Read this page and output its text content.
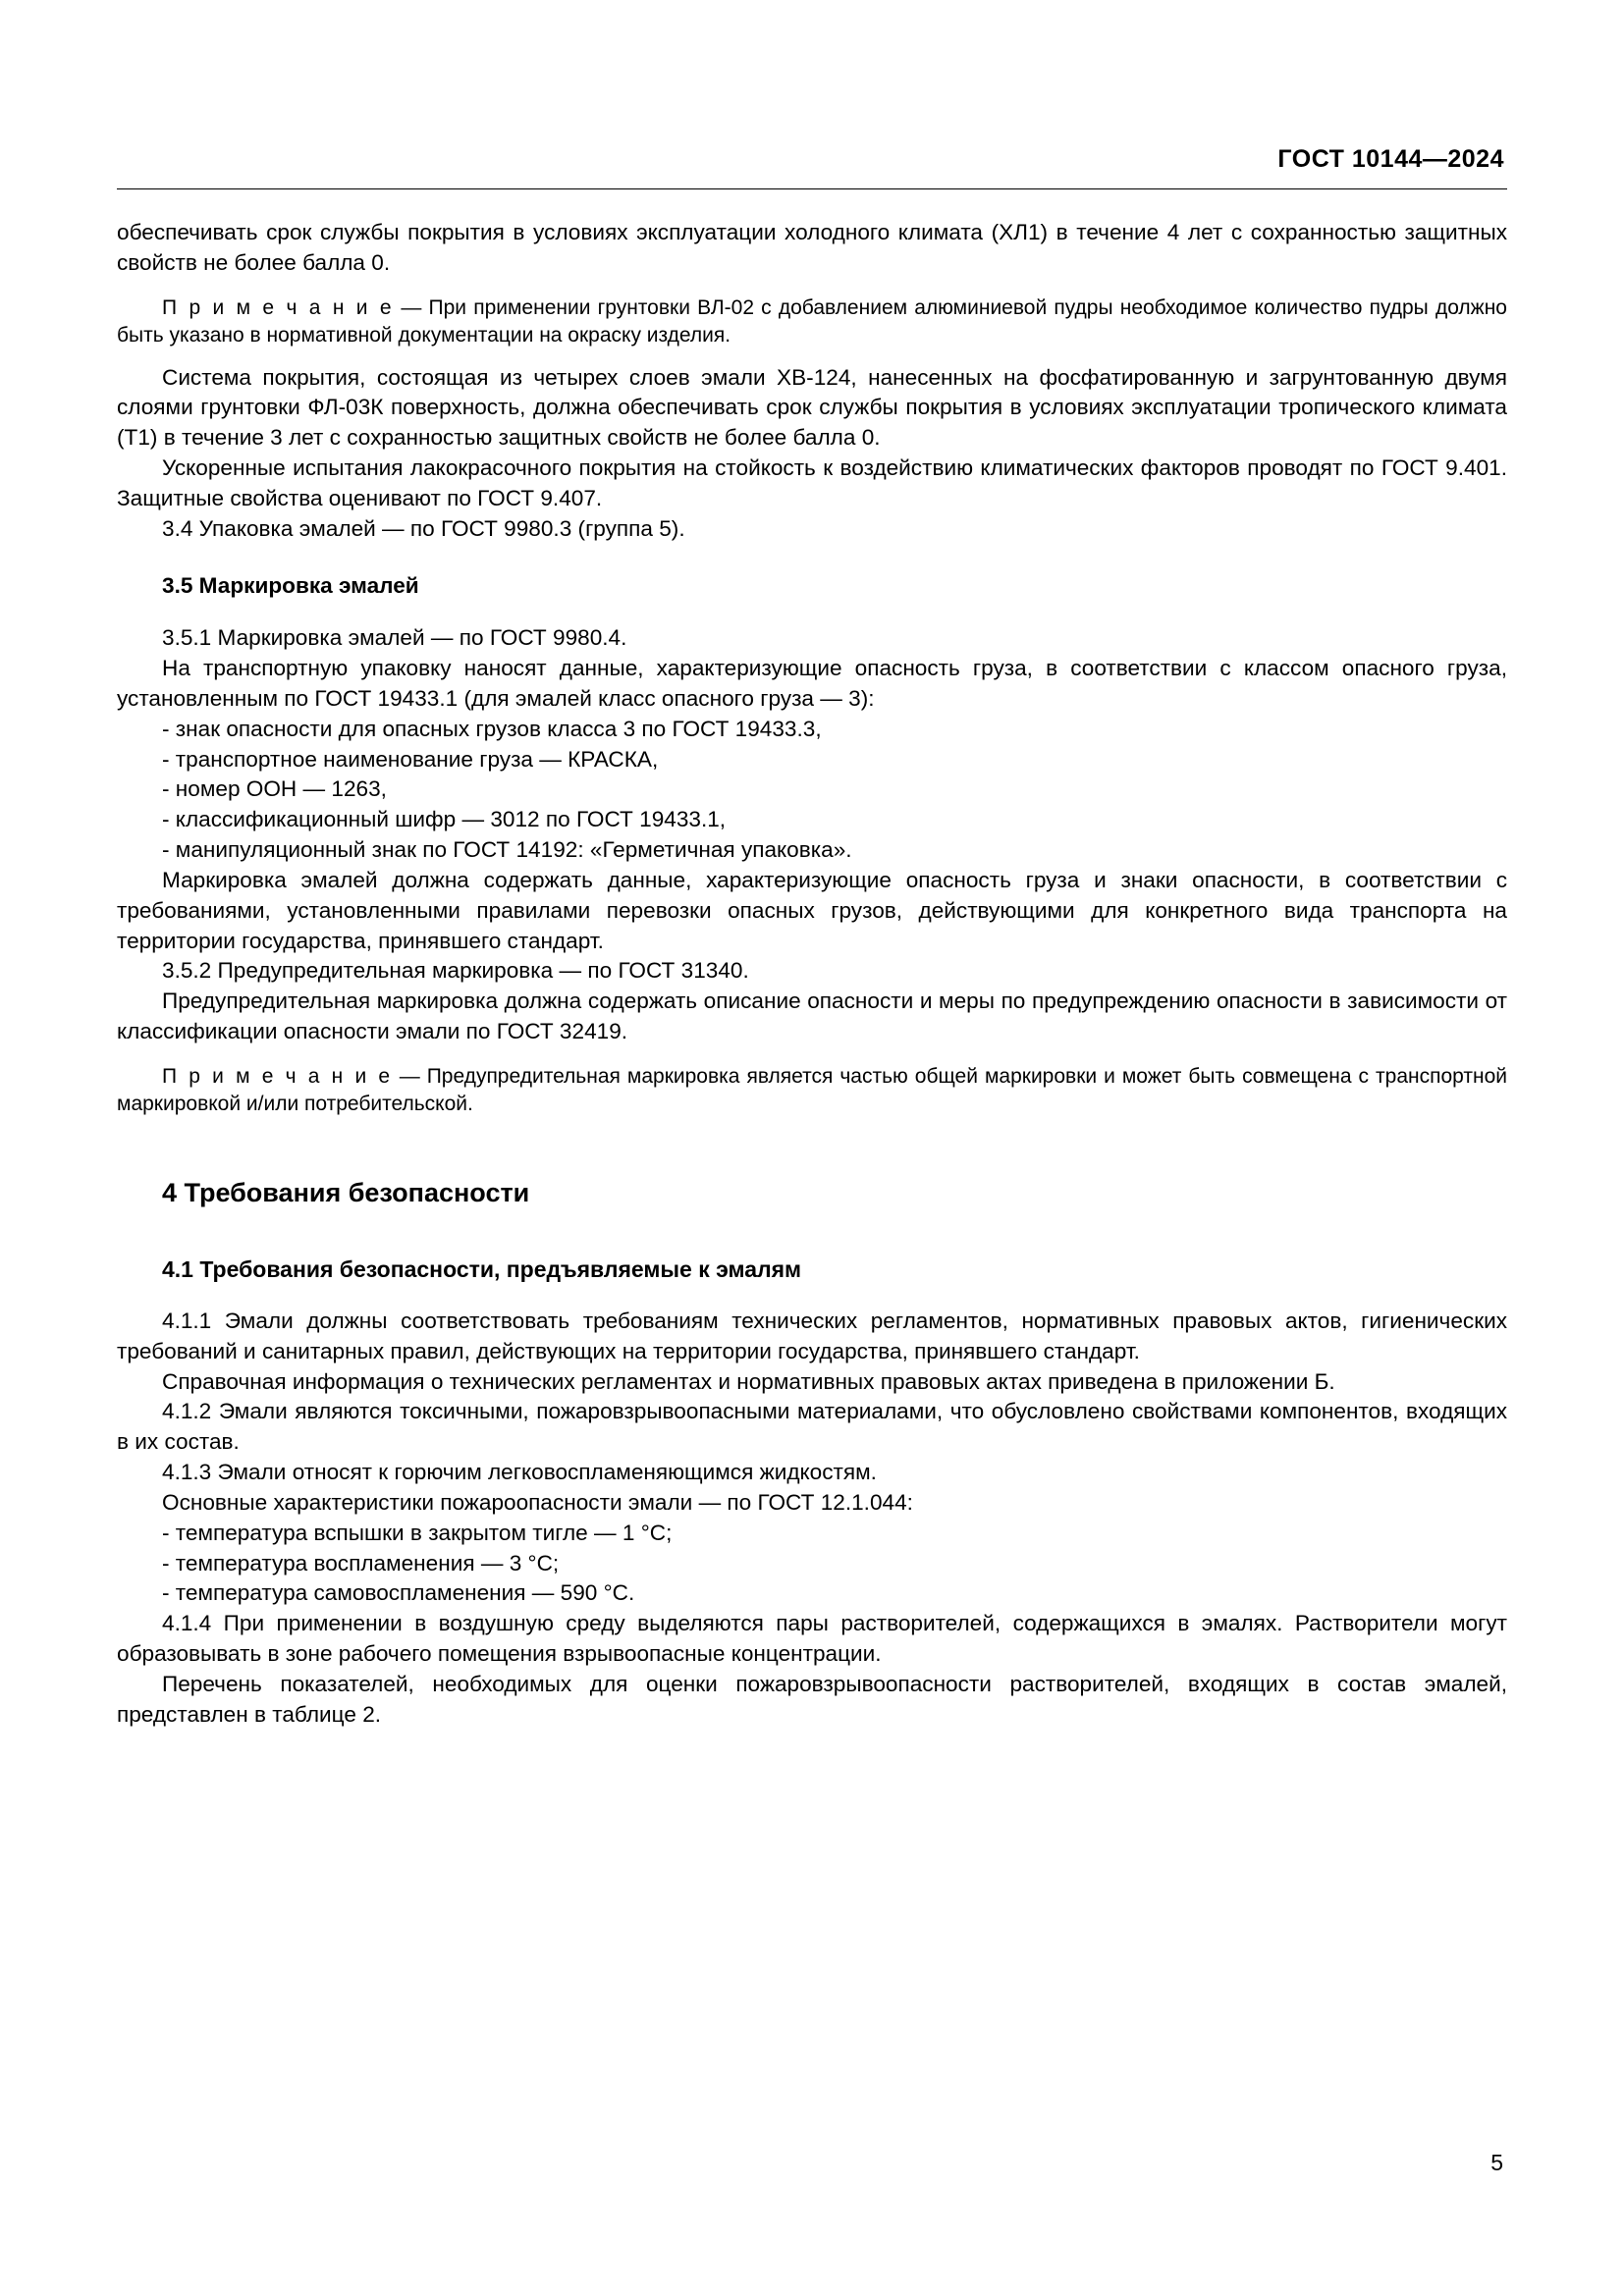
ГОСТ 10144—2024

обеспечивать срок службы покрытия в условиях эксплуатации холодного климата (ХЛ1) в течение 4 лет с сохранностью защитных свойств не более балла 0.

П р и м е ч а н и е — При применении грунтовки ВЛ-02 с добавлением алюминиевой пудры необходимое количество пудры должно быть указано в нормативной документации на окраску изделия.

Система покрытия, состоящая из четырех слоев эмали ХВ-124, нанесенных на фосфатированную и загрунтованную двумя слоями грунтовки ФЛ-03К поверхность, должна обеспечивать срок службы покрытия в условиях эксплуатации тропического климата (Т1) в течение 3 лет с сохранностью защитных свойств не более балла 0.

Ускоренные испытания лакокрасочного покрытия на стойкость к воздействию климатических факторов проводят по ГОСТ 9.401. Защитные свойства оценивают по ГОСТ 9.407.

3.4 Упаковка эмалей — по ГОСТ 9980.3 (группа 5).

3.5 Маркировка эмалей

3.5.1 Маркировка эмалей — по ГОСТ 9980.4.

На транспортную упаковку наносят данные, характеризующие опасность груза, в соответствии с классом опасного груза, установленным по ГОСТ 19433.1 (для эмалей класс опасного груза — 3):

- знак опасности для опасных грузов класса 3 по ГОСТ 19433.3,

- транспортное наименование груза — КРАСКА,

- номер ООН — 1263,

- классификационный шифр — 3012 по ГОСТ 19433.1,

- манипуляционный знак по ГОСТ 14192: «Герметичная упаковка».

Маркировка эмалей должна содержать данные, характеризующие опасность груза и знаки опасности, в соответствии с требованиями, установленными правилами перевозки опасных грузов, действующими для конкретного вида транспорта на территории государства, принявшего стандарт.

3.5.2 Предупредительная маркировка — по ГОСТ 31340.

Предупредительная маркировка должна содержать описание опасности и меры по предупреждению опасности в зависимости от классификации опасности эмали по ГОСТ 32419.

П р и м е ч а н и е — Предупредительная маркировка является частью общей маркировки и может быть совмещена с транспортной маркировкой и/или потребительской.

4 Требования безопасности
4.1 Требования безопасности, предъявляемые к эмалям

4.1.1 Эмали должны соответствовать требованиям технических регламентов, нормативных правовых актов, гигиенических требований и санитарных правил, действующих на территории государства, принявшего стандарт.

Справочная информация о технических регламентах и нормативных правовых актах приведена в приложении Б.

4.1.2 Эмали являются токсичными, пожаровзрывоопасными материалами, что обусловлено свойствами компонентов, входящих в их состав.

4.1.3 Эмали относят к горючим легковоспламеняющимся жидкостям.

Основные характеристики пожароопасности эмали — по ГОСТ 12.1.044:

- температура вспышки в закрытом тигле — 1 °C;

- температура воспламенения — 3 °C;

- температура самовоспламенения — 590 °C.

4.1.4 При применении в воздушную среду выделяются пары растворителей, содержащихся в эмалях. Растворители могут образовывать в зоне рабочего помещения взрывоопасные концентрации.

Перечень показателей, необходимых для оценки пожаровзрывоопасности растворителей, входящих в состав эмалей, представлен в таблице 2.

5
